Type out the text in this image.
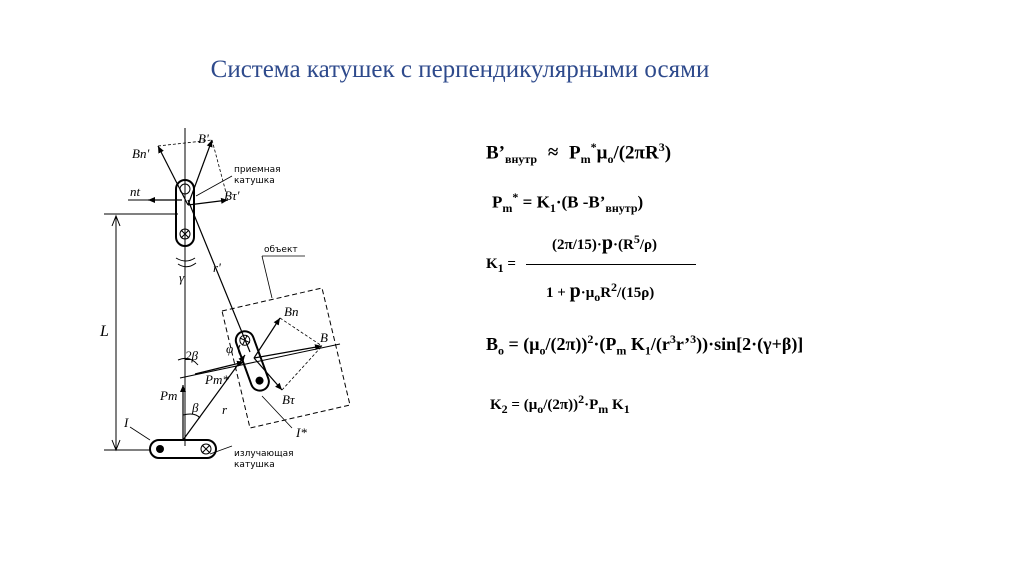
Система катушек с перпендикулярными осями
Bn'
B'
nt	Bτ'
приемная
катушка
объект
γ
r'
L
2β φ
Pm*
Pm
β r
Bn
B
Bτ
I*
I
излучающая
катушка
$B’_{внутр} \approx P_m^*\mu_o/(2\pi R^3)$
$P_m^* = K_1\cdot(B$ $-B’_{внутр}$)
$K_1$ =
$(2\pi/15)\cdot p\cdot(R^5/\rho)$
$1 + p\cdot\mu_oR^2/(15\rho)$
$B_o = (\mu_o/(2\pi))^2\cdot(P_m$ $K_1/(r^3r’^3))\cdot\sin[2\cdot(\gamma+\beta)]$
$K_2 = (\mu_o/(2\pi))^2\cdot P_m$ $K_1$
